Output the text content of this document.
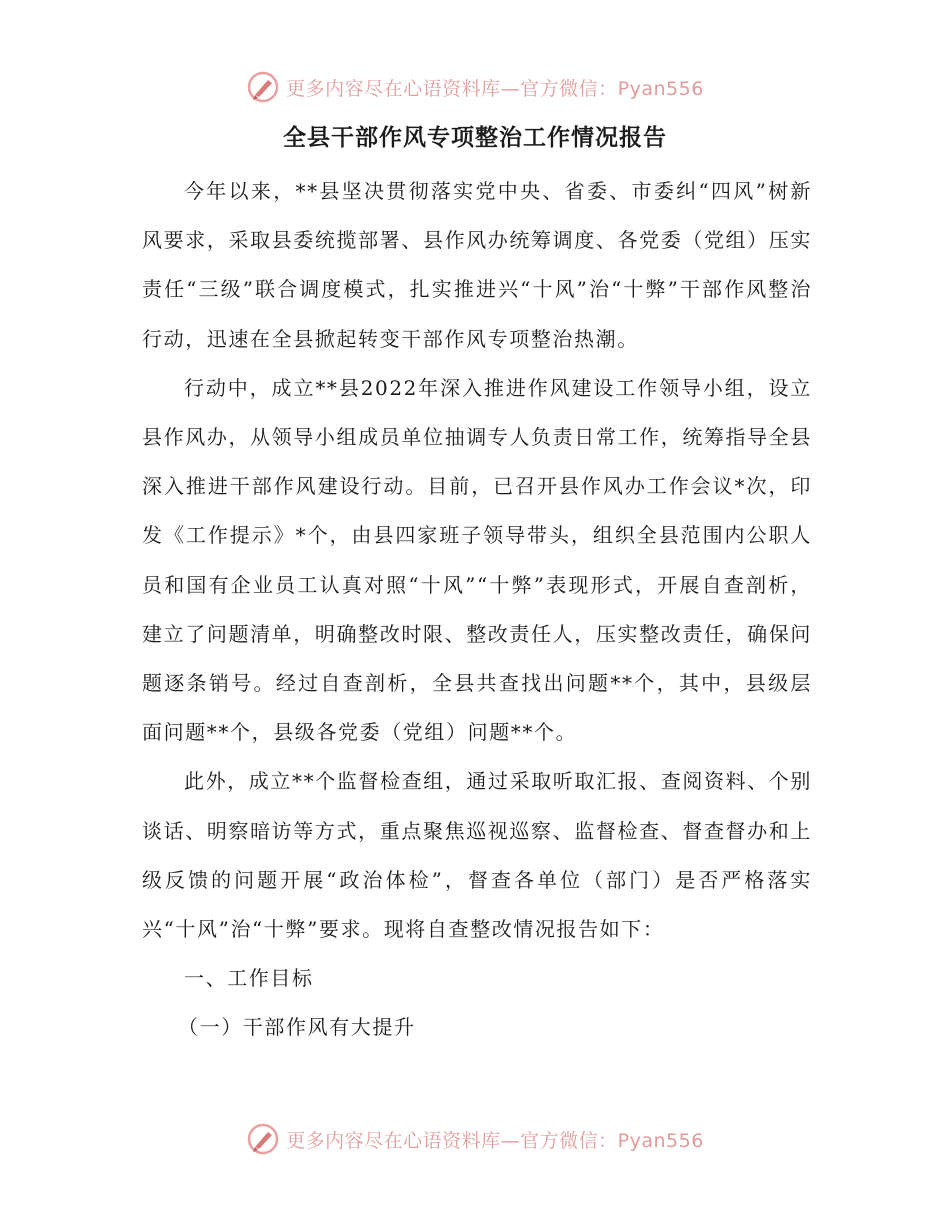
更多内容尽在心语资料库—官方微信：Pyan556
全县干部作风专项整治工作情况报告

今年以来，**县坚决贯彻落实党中央、省委、市委纠“四风”树新风要求，采取县委统揽部署、县作风办统筹调度、各党委（党组）压实责任“三级”联合调度模式，扎实推进兴“十风”治“十弊”干部作风整治行动，迅速在全县掀起转变干部作风专项整治热潮。

行动中，成立**县2022年深入推进作风建设工作领导小组，设立县作风办，从领导小组成员单位抽调专人负责日常工作，统筹指导全县深入推进干部作风建设行动。目前，已召开县作风办工作会议*次，印发《工作提示》*个，由县四家班子领导带头，组织全县范围内公职人员和国有企业员工认真对照“十风”“十弊”表现形式，开展自查剖析，建立了问题清单，明确整改时限、整改责任人，压实整改责任，确保问题逐条销号。经过自查剖析，全县共查找出问题**个，其中，县级层面问题**个，县级各党委（党组）问题**个。

此外，成立**个监督检查组，通过采取听取汇报、查阅资料、个别谈话、明察暗访等方式，重点聚焦巡视巡察、监督检查、督查督办和上级反馈的问题开展“政治体检”，督查各单位（部门）是否严格落实兴“十风”治“十弊”要求。现将自查整改情况报告如下：

一、工作目标

（一）干部作风有大提升

更多内容尽在心语资料库—官方微信：Pyan556
